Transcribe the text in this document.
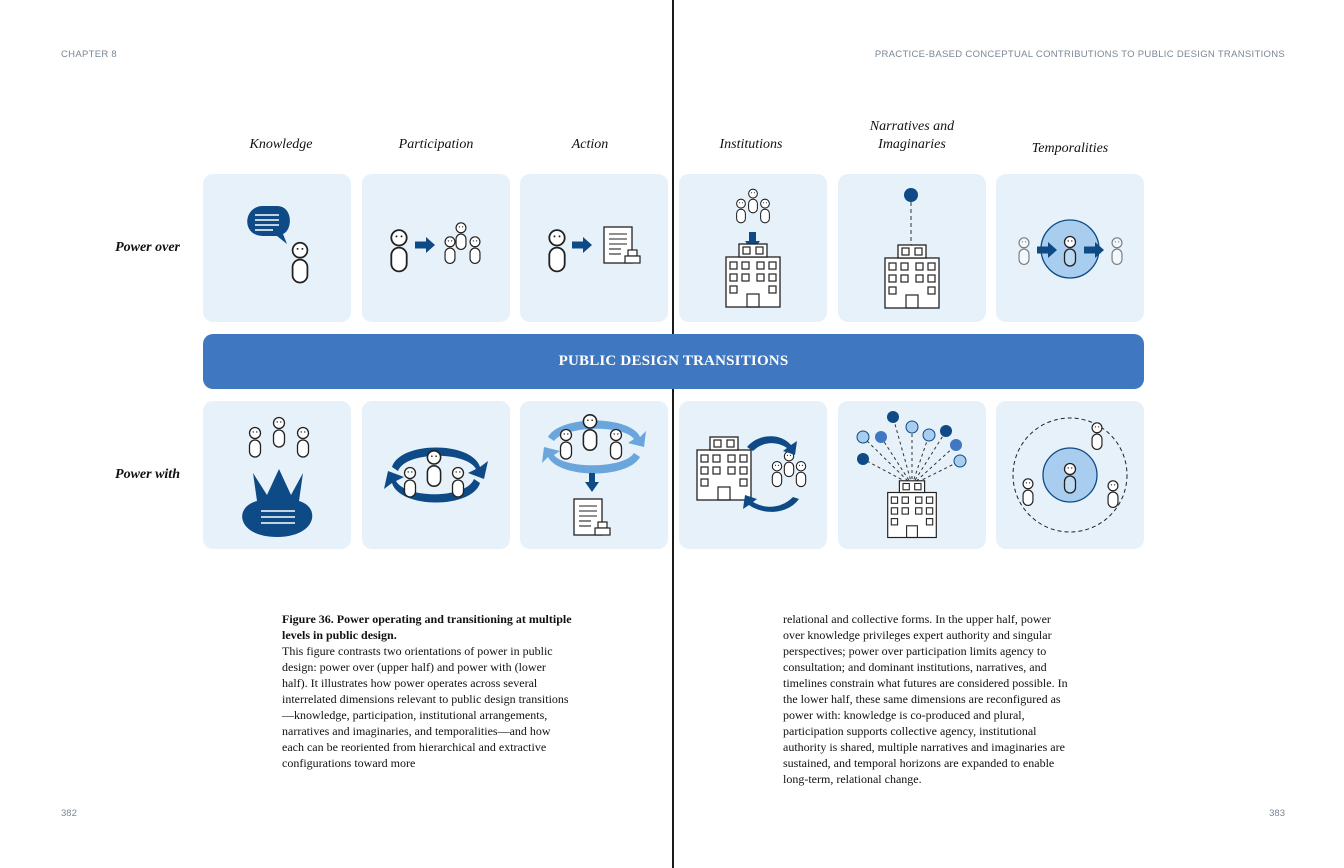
CHAPTER 8	PRACTICE-BASED CONCEPTUAL CONTRIBUTIONS TO PUBLIC DESIGN TRANSITIONS
Knowledge	Participation	Action	Institutions
Narratives and
Imaginaries	Temporalities
Power over
Power with
PUBLIC DESIGN TRANSITIONS
Figure 36. Power operating and transitioning at multiple levels in public design.
This figure contrasts two orientations of power in public design: power over (upper half) and power with (lower half). It illustrates how power operates across several interrelated dimensions relevant to public design transitions—knowledge, participation, institutional arrangements, narratives and imaginaries, and temporalities—and how each can be reoriented from hierarchical and extractive configurations toward more
relational and collective forms. In the upper half, power over knowledge privileges expert authority and singular perspectives; power over participation limits agency to consultation; and dominant institutions, narratives, and timelines constrain what futures are considered possible. In the lower half, these same dimensions are reconfigured as power with: knowledge is co-produced and plural, participation supports collective agency, institutional authority is shared, multiple narratives and imaginaries are sustained, and temporal horizons are expanded to enable long-term, relational change.
382	383
